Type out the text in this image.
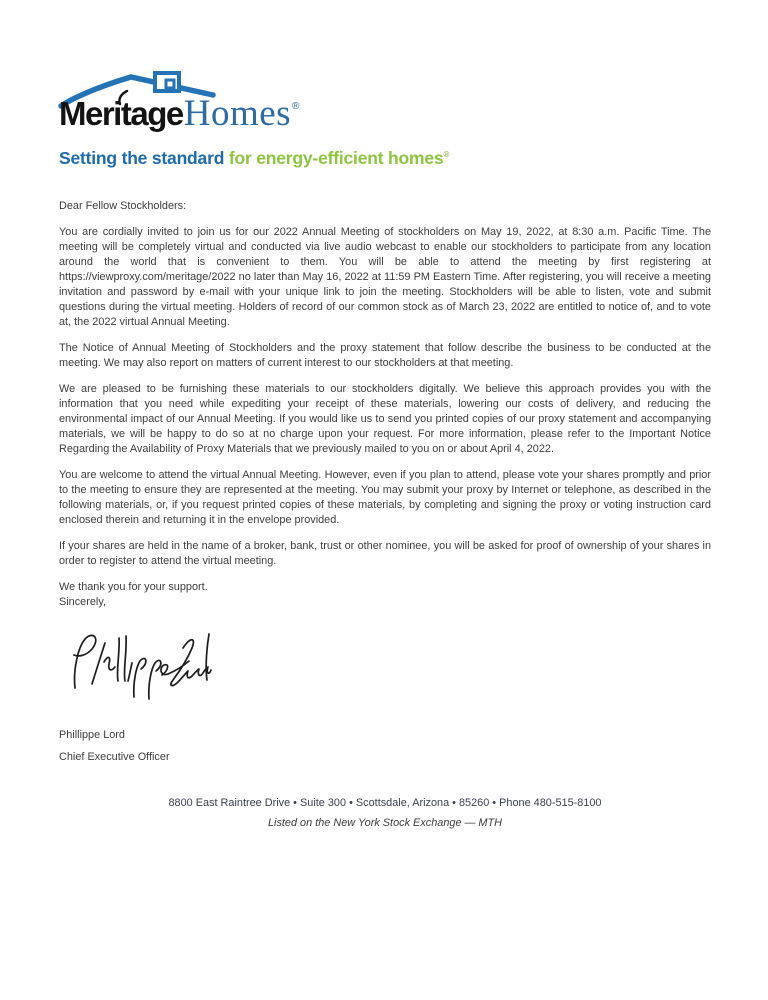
MeritageHomes®
Setting the standard for energy-efficient homes®

Dear Fellow Stockholders:

You are cordially invited to join us for our 2022 Annual Meeting of stockholders on May 19, 2022, at 8:30 a.m. Pacific Time. The meeting will be completely virtual and conducted via live audio webcast to enable our stockholders to participate from any location around the world that is convenient to them. You will be able to attend the meeting by first registering at https://viewproxy.com/meritage/2022 no later than May 16, 2022 at 11:59 PM Eastern Time. After registering, you will receive a meeting invitation and password by e-mail with your unique link to join the meeting. Stockholders will be able to listen, vote and submit questions during the virtual meeting. Holders of record of our common stock as of March 23, 2022 are entitled to notice of, and to vote at, the 2022 virtual Annual Meeting.

The Notice of Annual Meeting of Stockholders and the proxy statement that follow describe the business to be conducted at the meeting. We may also report on matters of current interest to our stockholders at that meeting.

We are pleased to be furnishing these materials to our stockholders digitally. We believe this approach provides you with the information that you need while expediting your receipt of these materials, lowering our costs of delivery, and reducing the environmental impact of our Annual Meeting. If you would like us to send you printed copies of our proxy statement and accompanying materials, we will be happy to do so at no charge upon your request. For more information, please refer to the Important Notice Regarding the Availability of Proxy Materials that we previously mailed to you on or about April 4, 2022.

You are welcome to attend the virtual Annual Meeting. However, even if you plan to attend, please vote your shares promptly and prior to the meeting to ensure they are represented at the meeting. You may submit your proxy by Internet or telephone, as described in the following materials, or, if you request printed copies of these materials, by completing and signing the proxy or voting instruction card enclosed therein and returning it in the envelope provided.

If your shares are held in the name of a broker, bank, trust or other nominee, you will be asked for proof of ownership of your shares in order to register to attend the virtual meeting.

We thank you for your support.
Sincerely,

Phillippe Lord

Chief Executive Officer

8800 East Raintree Drive • Suite 300 • Scottsdale, Arizona • 85260 • Phone 480-515-8100

Listed on the New York Stock Exchange — MTH
